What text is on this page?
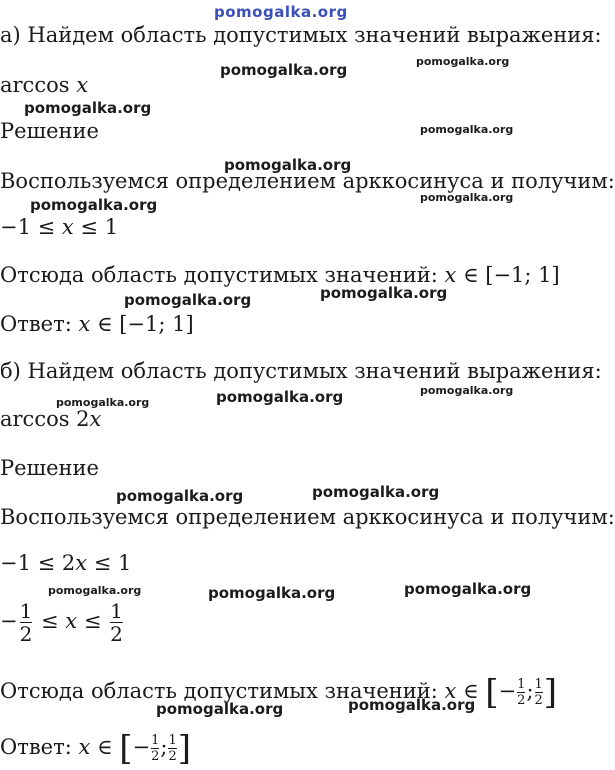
pomogalka.org
pomogalka.org	pomogalka.org
pomogalka.org
pomogalka.org
pomogalka.org
pomogalka.org	pomogalka.org
pomogalka.org	pomogalka.org
pomogalka.org
pomogalka.org
pomogalka.org
pomogalka.org	pomogalka.org
pomogalka.org	pomogalka.org	pomogalka.org
pomogalka.org	pomogalka.org
а) Найдем область допустимых значений выражения:
arccos x
Решение
Воспользуемся определением арккосинуса и получим:
−1 ≤ x ≤ 1
Отсюда область допустимых значений: x ∈ [−1; 1]
Ответ: x ∈ [−1; 1]
б) Найдем область допустимых значений выражения:
arccos 2x
Решение
Воспользуемся определением арккосинуса и получим:
−1 ≤ 2x ≤ 1
− $\frac{1}{2} \le x \le \frac{1}{2}$
Отсюда область допустимых значений: x ∈ [− $\frac{1}{2}$ ; $\frac{1}{2}$ ]
Ответ: x ∈ [− $\frac{1}{2}$ ; $\frac{1}{2}$ ]
